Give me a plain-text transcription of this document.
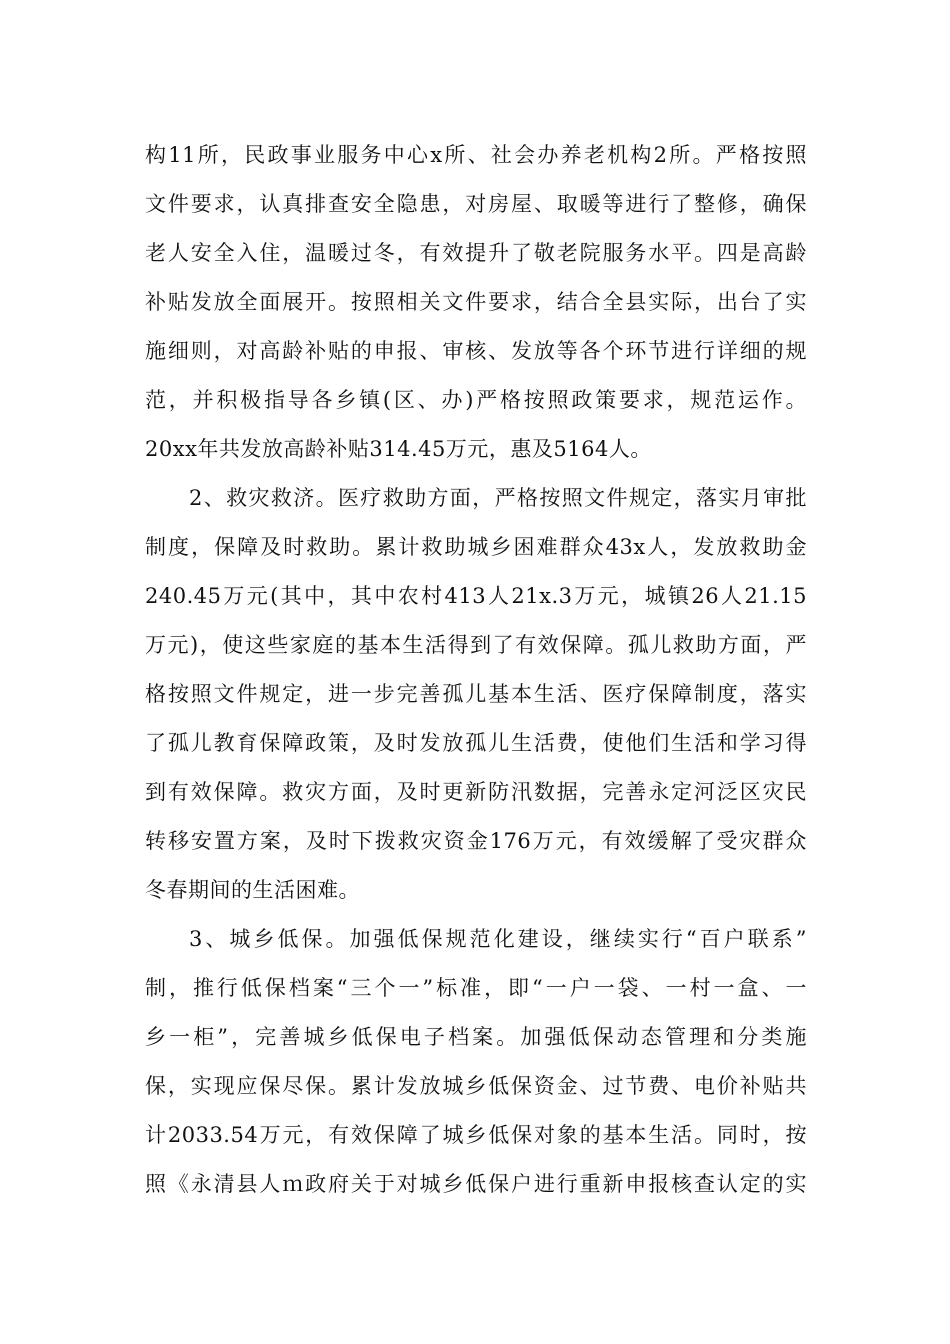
构11所，民政事业服务中心x所、社会办养老机构2所。严格按照
文件要求，认真排查安全隐患，对房屋、取暖等进行了整修，确保
老人安全入住，温暖过冬，有效提升了敬老院服务水平。四是高龄
补贴发放全面展开。按照相关文件要求，结合全县实际，出台了实
施细则，对高龄补贴的申报、审核、发放等各个环节进行详细的规
范，并积极指导各乡镇(区、办)严格按照政策要求，规范运作。
20xx年共发放高龄补贴314.45万元，惠及5164人。
2、救灾救济。医疗救助方面，严格按照文件规定，落实月审批
制度，保障及时救助。累计救助城乡困难群众43x人，发放救助金
240.45万元(其中，其中农村413人21x.3万元，城镇26人21.15
万元)，使这些家庭的基本生活得到了有效保障。孤儿救助方面，严
格按照文件规定，进一步完善孤儿基本生活、医疗保障制度，落实
了孤儿教育保障政策，及时发放孤儿生活费，使他们生活和学习得
到有效保障。救灾方面，及时更新防汛数据，完善永定河泛区灾民
转移安置方案，及时下拨救灾资金176万元，有效缓解了受灾群众
冬春期间的生活困难。
3、城乡低保。加强低保规范化建设，继续实行“百户联系”
制，推行低保档案“三个一”标准，即“一户一袋、一村一盒、一
乡一柜”，完善城乡低保电子档案。加强低保动态管理和分类施
保，实现应保尽保。累计发放城乡低保资金、过节费、电价补贴共
计2033.54万元，有效保障了城乡低保对象的基本生活。同时，按
照《永清县人ｍ政府关于对城乡低保户进行重新申报核查认定的实
